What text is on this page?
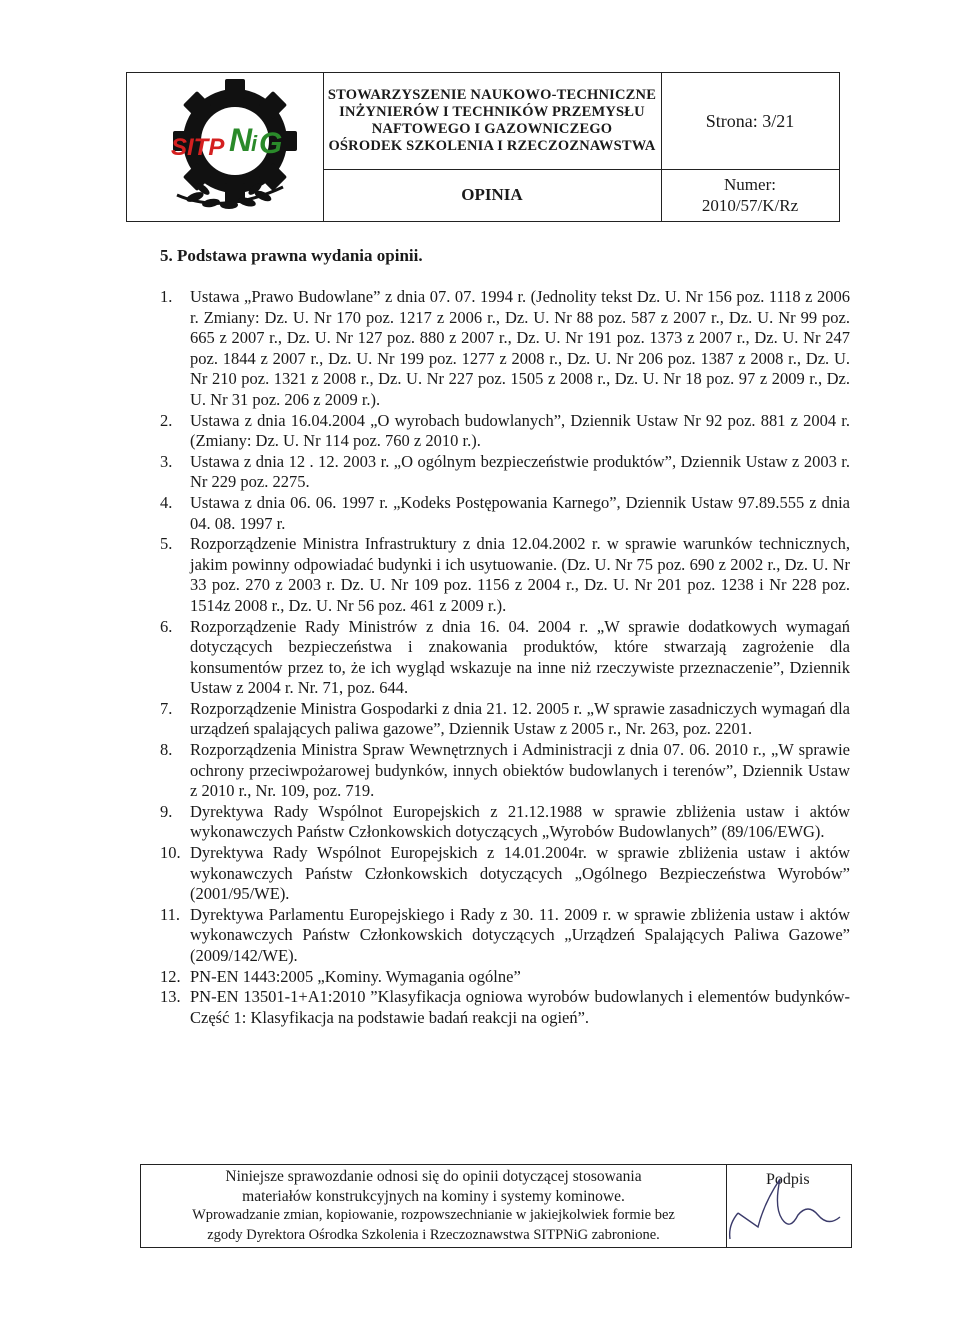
SITP N
i G
STOWARZYSZENIE NAUKOWO-TECHNICZNE
INŻYNIERÓW I TECHNIKÓW PRZEMYSŁU
NAFTOWEGO I GAZOWNICZEGO
OŚRODEK SZKOLENIA I RZECZOZNAWSTWA
Strona: 3/21
OPINIA
Numer:
2010/57/K/Rz
5. Podstawa prawna wydania opinii.
1. Ustawa „Prawo Budowlane” z dnia 07. 07. 1994 r. (Jednolity tekst Dz. U. Nr 156 poz. 1118 z 2006 r. Zmiany: Dz. U. Nr 170 poz. 1217 z 2006 r., Dz. U. Nr 88 poz. 587 z 2007 r., Dz. U. Nr 99 poz. 665 z 2007 r., Dz. U. Nr 127 poz. 880 z 2007 r., Dz. U. Nr 191 poz. 1373 z 2007 r., Dz. U. Nr 247 poz. 1844 z 2007 r., Dz. U. Nr 199 poz. 1277 z 2008 r., Dz. U. Nr 206 poz. 1387 z 2008 r., Dz. U. Nr 210 poz. 1321 z 2008 r., Dz. U. Nr 227 poz. 1505 z 2008 r., Dz. U. Nr 18 poz. 97 z 2009 r., Dz. U. Nr 31 poz. 206 z 2009 r.).
2. Ustawa z dnia 16.04.2004 „O wyrobach budowlanych”, Dziennik Ustaw Nr 92 poz. 881 z 2004 r. (Zmiany: Dz. U. Nr 114 poz. 760 z 2010 r.).
3. Ustawa z dnia 12 . 12. 2003 r. „O ogólnym bezpieczeństwie produktów”, Dziennik Ustaw z 2003 r. Nr 229 poz. 2275.
4. Ustawa z dnia 06. 06. 1997 r. „Kodeks Postępowania Karnego”, Dziennik Ustaw 97.89.555 z dnia 04. 08. 1997 r.
5. Rozporządzenie Ministra Infrastruktury z dnia 12.04.2002 r. w sprawie warunków technicznych, jakim powinny odpowiadać budynki i ich usytuowanie. (Dz. U. Nr 75 poz. 690 z 2002 r., Dz. U. Nr 33 poz. 270 z 2003 r. Dz. U. Nr 109 poz. 1156 z 2004 r., Dz. U. Nr 201 poz. 1238 i Nr 228 poz. 1514z 2008 r., Dz. U. Nr 56 poz. 461 z 2009 r.).
6. Rozporządzenie Rady Ministrów z dnia 16. 04. 2004 r. „W sprawie dodatkowych wymagań dotyczących bezpieczeństwa i znakowania produktów, które stwarzają zagrożenie dla konsumentów przez to, że ich wygląd wskazuje na inne niż rzeczywiste przeznaczenie”, Dziennik Ustaw z 2004 r. Nr. 71, poz. 644.
7. Rozporządzenie Ministra Gospodarki z dnia 21. 12. 2005 r. „W sprawie zasadniczych wymagań dla urządzeń spalających paliwa gazowe”, Dziennik Ustaw z 2005 r., Nr. 263, poz. 2201.
8. Rozporządzenia Ministra Spraw Wewnętrznych i Administracji z dnia 07. 06. 2010 r., „W sprawie ochrony przeciwpożarowej budynków, innych obiektów budowlanych i terenów”, Dziennik Ustaw z 2010 r., Nr. 109, poz. 719.
9. Dyrektywa Rady Wspólnot Europejskich z 21.12.1988 w sprawie zbliżenia ustaw i aktów wykonawczych Państw Członkowskich dotyczących „Wyrobów Budowlanych” (89/106/EWG).
10. Dyrektywa Rady Wspólnot Europejskich z 14.01.2004r. w sprawie zbliżenia ustaw i aktów wykonawczych Państw Członkowskich dotyczących „Ogólnego Bezpieczeństwa Wyrobów” (2001/95/WE).
11. Dyrektywa Parlamentu Europejskiego i Rady z 30. 11. 2009 r. w sprawie zbliżenia ustaw i aktów wykonawczych Państw Członkowskich dotyczących „Urządzeń Spalających Paliwa Gazowe” (2009/142/WE).
12. PN-EN 1443:2005 „Kominy. Wymagania ogólne”
13. PN-EN 13501-1+A1:2010 ”Klasyfikacja ogniowa wyrobów budowlanych i elementów budynków-Część 1: Klasyfikacja na podstawie badań reakcji na ogień”.
Niniejsze sprawozdanie odnosi się do opinii dotyczącej stosowania
materiałów konstrukcyjnych na kominy i systemy kominowe.
Wprowadzanie zmian, kopiowanie, rozpowszechnianie w jakiejkolwiek formie bez
zgody Dyrektora Ośrodka Szkolenia i Rzeczoznawstwa SITPNiG zabronione.
Podpis
